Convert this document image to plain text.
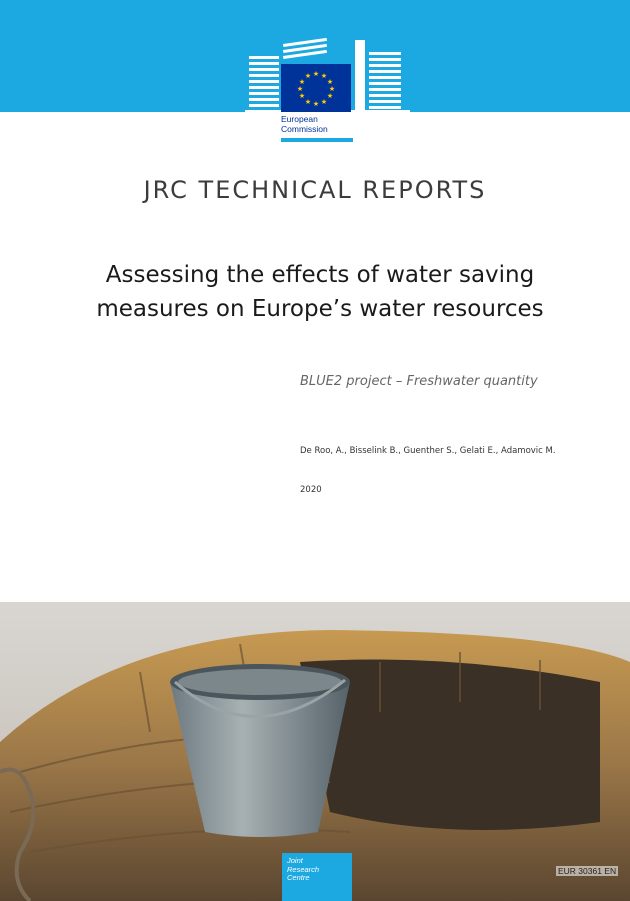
★ ★
★
★
★
★
★
★
★
★
★
★
European
Commission
JRC TECHNICAL REPORTS
Assessing the effects of water saving
measures on Europe’s water resources
BLUE2 project – Freshwater quantity
De Roo, A., Bisselink B., Guenther S., Gelati E., Adamovic M.
2020
Joint
Research
Centre
EUR 30361 EN
